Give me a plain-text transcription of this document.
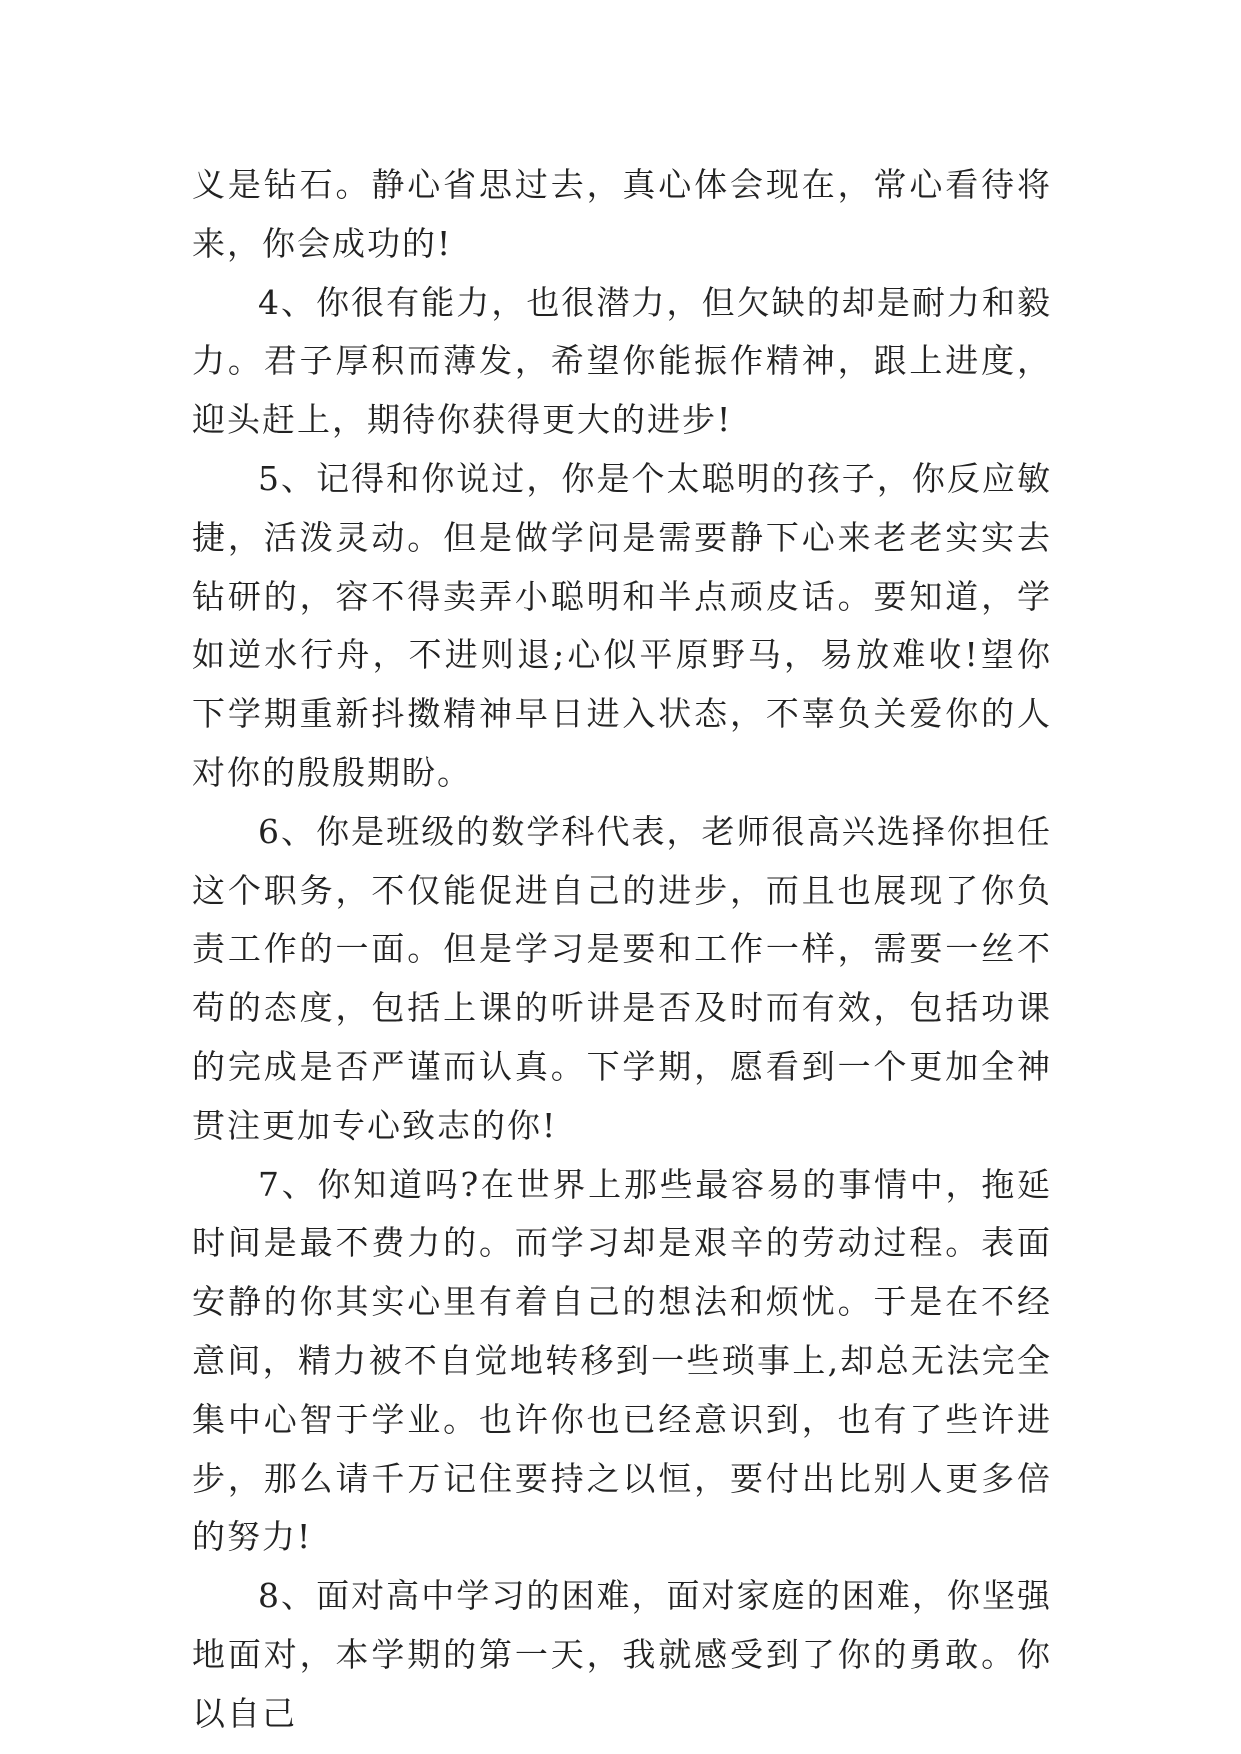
义是钻石。静心省思过去，真心体会现在，常心看待将来，你会成功的!

4、你很有能力，也很潜力，但欠缺的却是耐力和毅力。君子厚积而薄发，希望你能振作精神，跟上进度，迎头赶上，期待你获得更大的进步!

5、记得和你说过，你是个太聪明的孩子，你反应敏捷，活泼灵动。但是做学问是需要静下心来老老实实去钻研的，容不得卖弄小聪明和半点顽皮话。要知道，学如逆水行舟，不进则退;心似平原野马，易放难收!望你下学期重新抖擞精神早日进入状态，不辜负关爱你的人对你的殷殷期盼。

6、你是班级的数学科代表，老师很高兴选择你担任这个职务，不仅能促进自己的进步，而且也展现了你负责工作的一面。但是学习是要和工作一样，需要一丝不苟的态度，包括上课的听讲是否及时而有效，包括功课的完成是否严谨而认真。下学期，愿看到一个更加全神贯注更加专心致志的你!

7、你知道吗?在世界上那些最容易的事情中，拖延时间是最不费力的。而学习却是艰辛的劳动过程。表面安静的你其实心里有着自己的想法和烦忧。于是在不经意间，精力被不自觉地转移到一些琐事上,却总无法完全集中心智于学业。也许你也已经意识到，也有了些许进步，那么请千万记住要持之以恒，要付出比别人更多倍的努力!

8、面对高中学习的困难，面对家庭的困难，你坚强地面对，本学期的第一天，我就感受到了你的勇敢。你以自己
